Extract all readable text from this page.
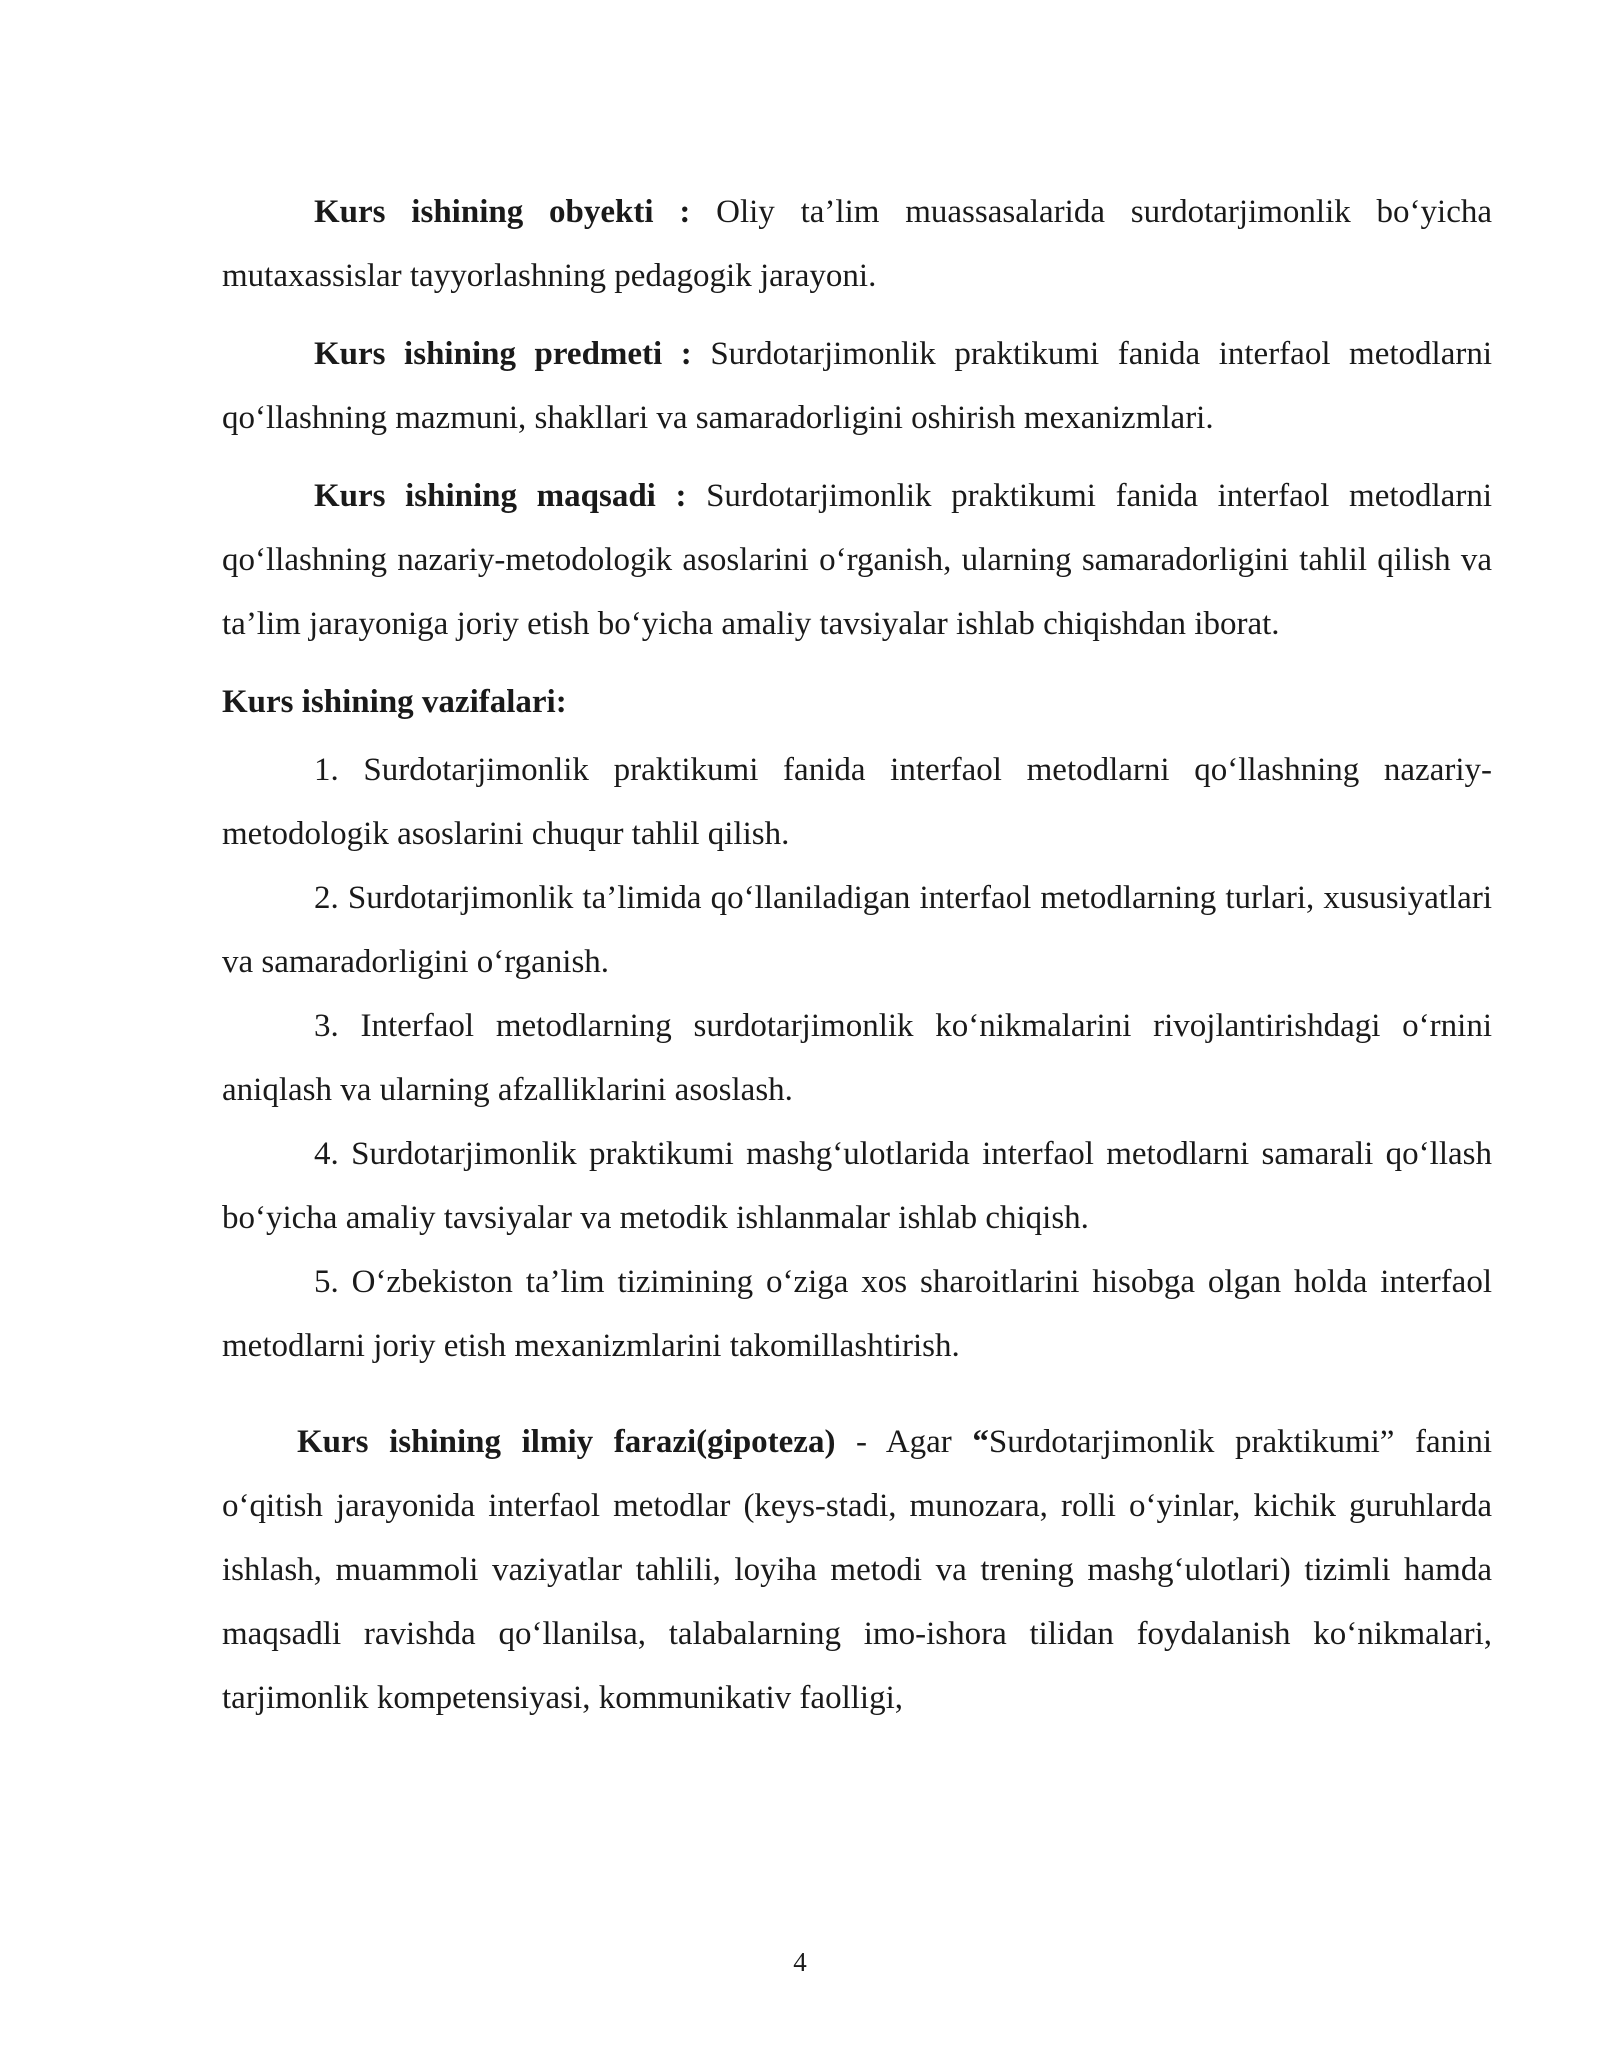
Kurs ishining obyekti : Oliy ta’lim muassasalarida surdotarjimonlik bo‘yicha mutaxassislar tayyorlashning pedagogik jarayoni.

Kurs ishining predmeti : Surdotarjimonlik praktikumi fanida interfaol metodlarni qo‘llashning mazmuni, shakllari va samaradorligini oshirish mexanizmlari.

Kurs ishining maqsadi : Surdotarjimonlik praktikumi fanida interfaol metodlarni qo‘llashning nazariy-metodologik asoslarini o‘rganish, ularning samaradorligini tahlil qilish va ta’lim jarayoniga joriy etish bo‘yicha amaliy tavsiyalar ishlab chiqishdan iborat.

Kurs ishining vazifalari:

1. Surdotarjimonlik praktikumi fanida interfaol metodlarni qo‘llashning nazariy-metodologik asoslarini chuqur tahlil qilish.

2. Surdotarjimonlik ta’limida qo‘llaniladigan interfaol metodlarning turlari, xususiyatlari va samaradorligini o‘rganish.

3. Interfaol metodlarning surdotarjimonlik ko‘nikmalarini rivojlantirishdagi o‘rnini aniqlash va ularning afzalliklarini asoslash.

4. Surdotarjimonlik praktikumi mashg‘ulotlarida interfaol metodlarni samarali qo‘llash bo‘yicha amaliy tavsiyalar va metodik ishlanmalar ishlab chiqish.

5. O‘zbekiston ta’lim tizimining o‘ziga xos sharoitlarini hisobga olgan holda interfaol metodlarni joriy etish mexanizmlarini takomillashtirish.

Kurs ishining ilmiy farazi(gipoteza) - Agar “Surdotarjimonlik praktikumi” fanini o‘qitish jarayonida interfaol metodlar (keys-stadi, munozara, rolli o‘yinlar, kichik guruhlarda ishlash, muammoli vaziyatlar tahlili, loyiha metodi va trening mashg‘ulotlari) tizimli hamda maqsadli ravishda qo‘llanilsa, talabalarning imo-ishora tilidan foydalanish ko‘nikmalari, tarjimonlik kompetensiyasi, kommunikativ faolligi,

4
